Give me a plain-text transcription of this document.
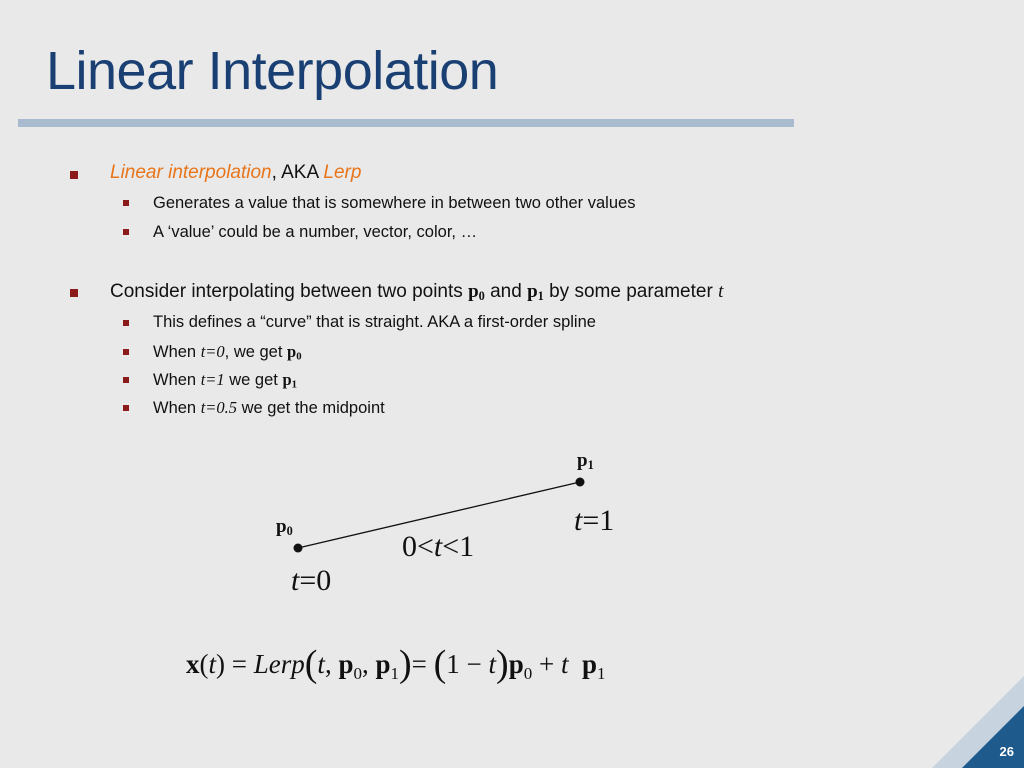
Linear Interpolation
Linear interpolation, AKA Lerp
Generates a value that is somewhere in between two other values
A ‘value’ could be a number, vector, color, …
Consider interpolating between two points $p_0$ and $p_1$ by some parameter t
This defines a “curve” that is straight. AKA a first-order spline
When t=0, we get $p_0$
When t=1 we get $p_1$
When t=0.5 we get the midpoint
$p_1$
$p_0$	t=1
0<t<1
t=0
x(t) = Lerp(t, $p_0$, $p_1)= (1 - t)p_0 + t$ $p_1$
26
